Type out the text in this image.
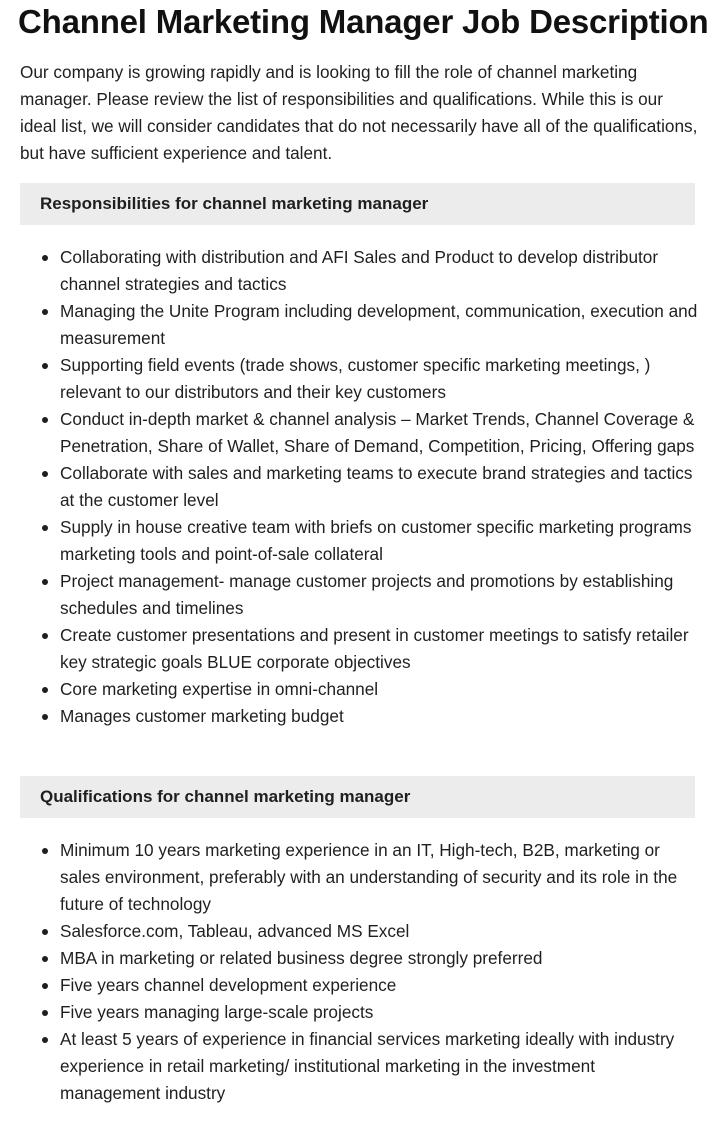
Channel Marketing Manager Job Description

Our company is growing rapidly and is looking to fill the role of channel marketing manager. Please review the list of responsibilities and qualifications. While this is our ideal list, we will consider candidates that do not necessarily have all of the qualifications, but have sufficient experience and talent.

Responsibilities for channel marketing manager
Collaborating with distribution and AFI Sales and Product to develop distributor channel strategies and tactics
Managing the Unite Program including development, communication, execution and measurement
Supporting field events (trade shows, customer specific marketing meetings, ) relevant to our distributors and their key customers
Conduct in-depth market & channel analysis – Market Trends, Channel Coverage & Penetration, Share of Wallet, Share of Demand, Competition, Pricing, Offering gaps
Collaborate with sales and marketing teams to execute brand strategies and tactics at the customer level
Supply in house creative team with briefs on customer specific marketing programs marketing tools and point-of-sale collateral
Project management- manage customer projects and promotions by establishing schedules and timelines
Create customer presentations and present in customer meetings to satisfy retailer key strategic goals BLUE corporate objectives
Core marketing expertise in omni-channel
Manages customer marketing budget
Qualifications for channel marketing manager
Minimum 10 years marketing experience in an IT, High-tech, B2B, marketing or sales environment, preferably with an understanding of security and its role in the future of technology
Salesforce.com, Tableau, advanced MS Excel
MBA in marketing or related business degree strongly preferred
Five years channel development experience
Five years managing large-scale projects
At least 5 years of experience in financial services marketing ideally with industry experience in retail marketing/ institutional marketing in the investment management industry
